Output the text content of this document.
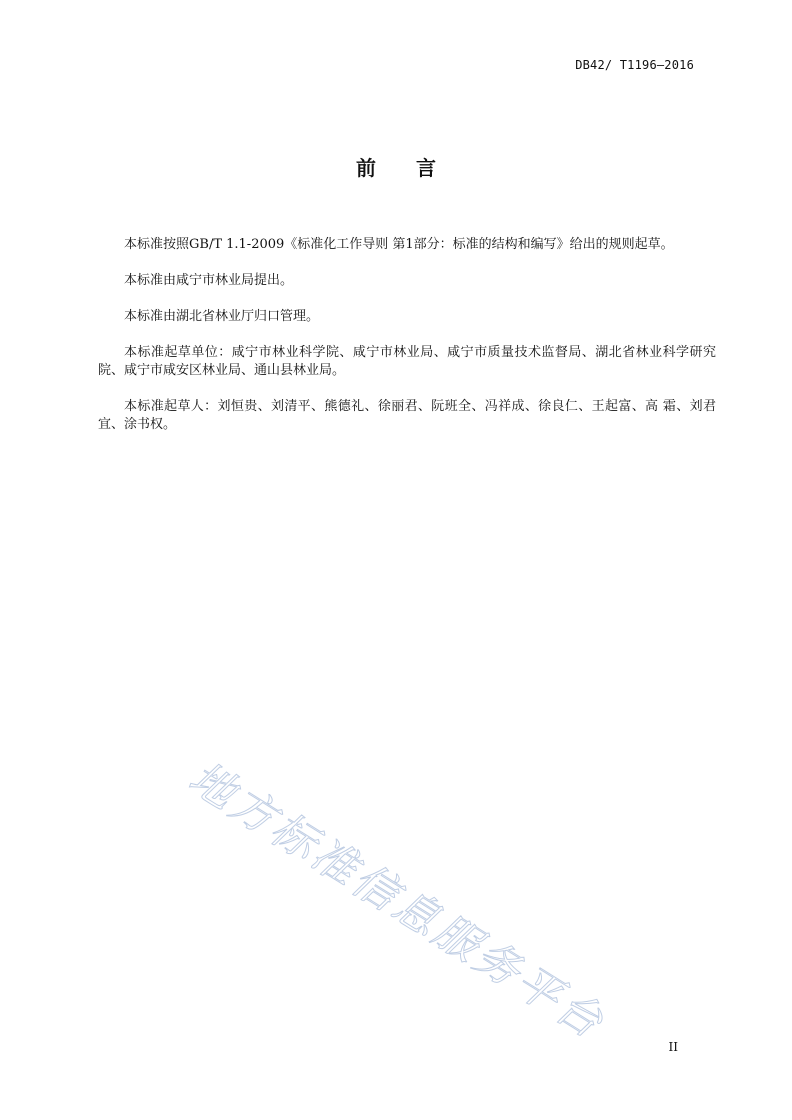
DB42/ T1196—2016
前 言

本标准按照GB/T 1.1-2009《标准化工作导则 第1部分：标准的结构和编写》给出的规则起草。

本标准由咸宁市林业局提出。

本标准由湖北省林业厅归口管理。

本标准起草单位：咸宁市林业科学院、咸宁市林业局、咸宁市质量技术监督局、湖北省林业科学研究院、咸宁市咸安区林业局、通山县林业局。

本标准起草人：刘恒贵、刘清平、熊德礼、徐丽君、阮班全、冯祥成、徐良仁、王起富、高 霜、刘君宜、涂书权。

地方标准信息服务平台	II
